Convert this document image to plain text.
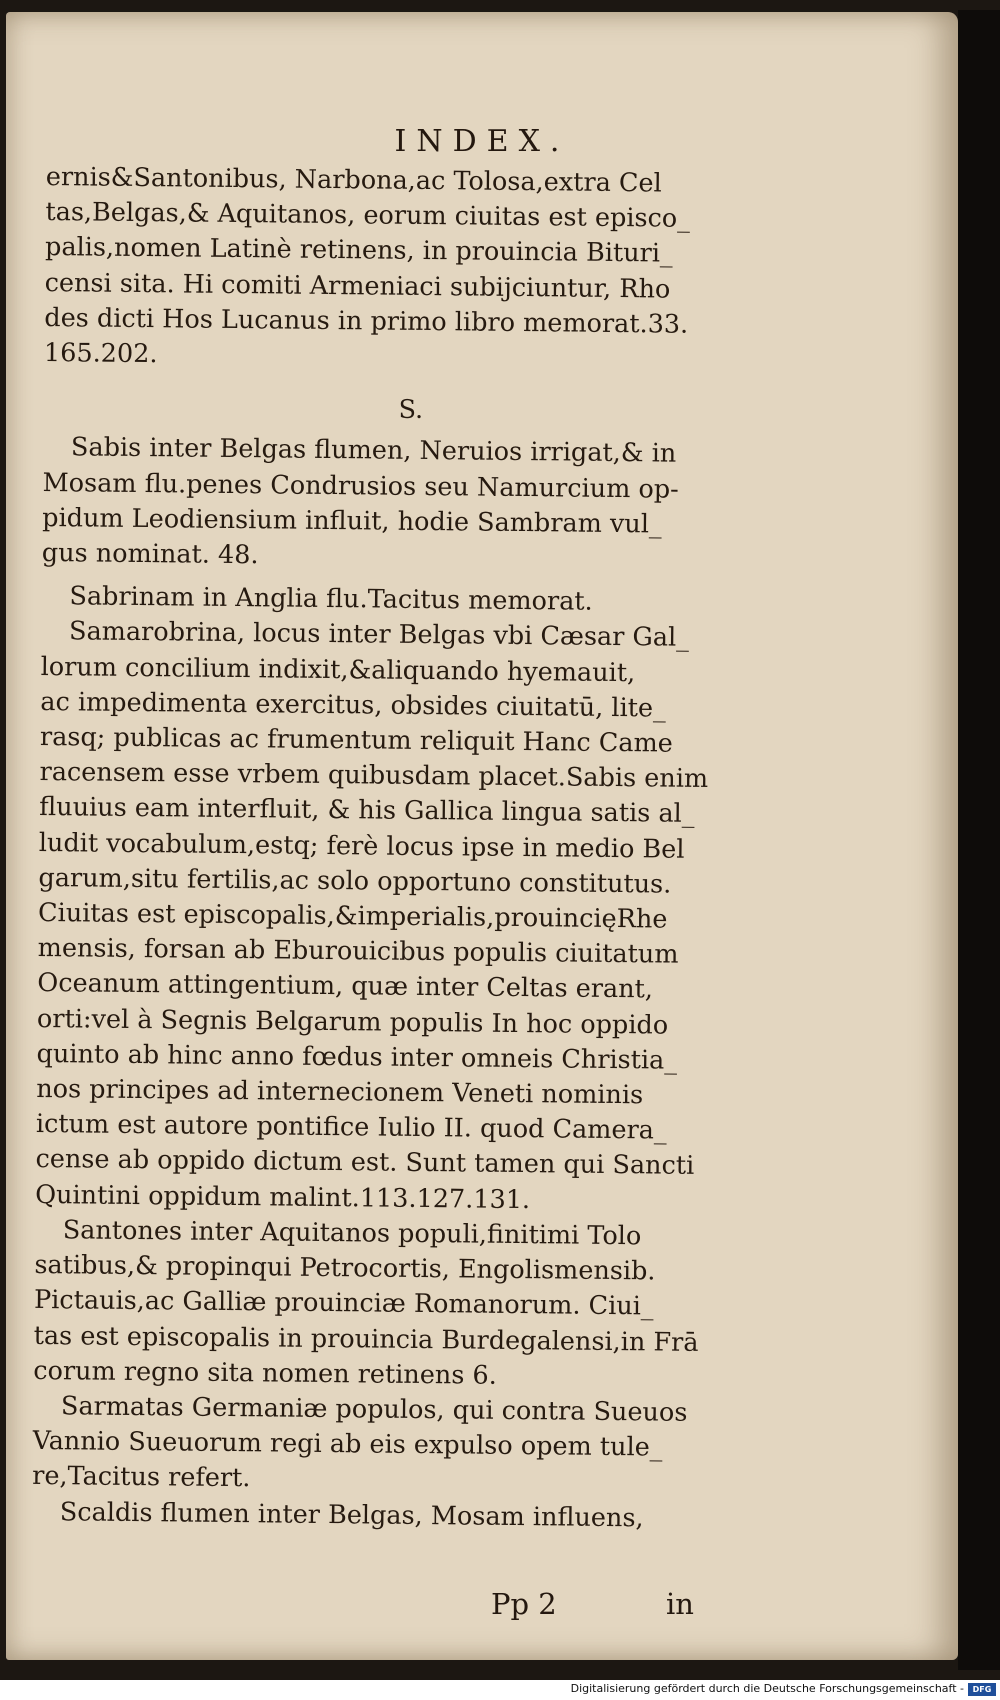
INDEX.
ernis&Santonibus, Narbona,ac Tolosa,extra Cel
tas,Belgas,& Aquitanos, eorum ciuitas est episco_
palis,nomen Latinè retinens, in prouincia Bituri_
censi sita. Hi comiti Armeniaci subijciuntur, Rho
des dicti Hos Lucanus in primo libro memorat.33.
165.202.
S.
Sabis inter Belgas flumen, Neruios irrigat,& in
Mosam flu.penes Condrusios seu Namurcium op-
pidum Leodiensium influit, hodie Sambram vul_
gus nominat. 48.
Sabrinam in Anglia flu.Tacitus memorat.
Samarobrina, locus inter Belgas vbi Cæsar Gal_
lorum concilium indixit,&aliquando hyemauit,
ac impedimenta exercitus, obsides ciuitatū, lite_
rasq; publicas ac frumentum reliquit Hanc Came
racensem esse vrbem quibusdam placet.Sabis enim
fluuius eam interfluit, & his Gallica lingua satis al_
ludit vocabulum,estq; ferè locus ipse in medio Bel
garum,situ fertilis,ac solo opportuno constitutus.
Ciuitas est episcopalis,&imperialis,prouincięRhe
mensis, forsan ab Eburouicibus populis ciuitatum
Oceanum attingentium, quæ inter Celtas erant,
orti:vel à Segnis Belgarum populis In hoc oppido
quinto ab hinc anno fœdus inter omneis Christia_
nos principes ad internecionem Veneti nominis
ictum est autore pontifice Iulio II. quod Camera_
cense ab oppido dictum est. Sunt tamen qui Sancti
Quintini oppidum malint.113.127.131.
Santones inter Aquitanos populi,finitimi Tolo
satibus,& propinqui Petrocortis, Engolismensib.
Pictauis,ac Galliæ prouinciæ Romanorum. Ciui_
tas est episcopalis in prouincia Burdegalensi,in Frā
corum regno sita nomen retinens 6.
Sarmatas Germaniæ populos, qui contra Sueuos
Vannio Sueuorum regi ab eis expulso opem tule_
re,Tacitus refert.
Scaldis flumen inter Belgas, Mosam influens,
Pp 2	in
Digitalisierung gefördert durch die Deutsche Forschungsgemeinschaft -	DFG
